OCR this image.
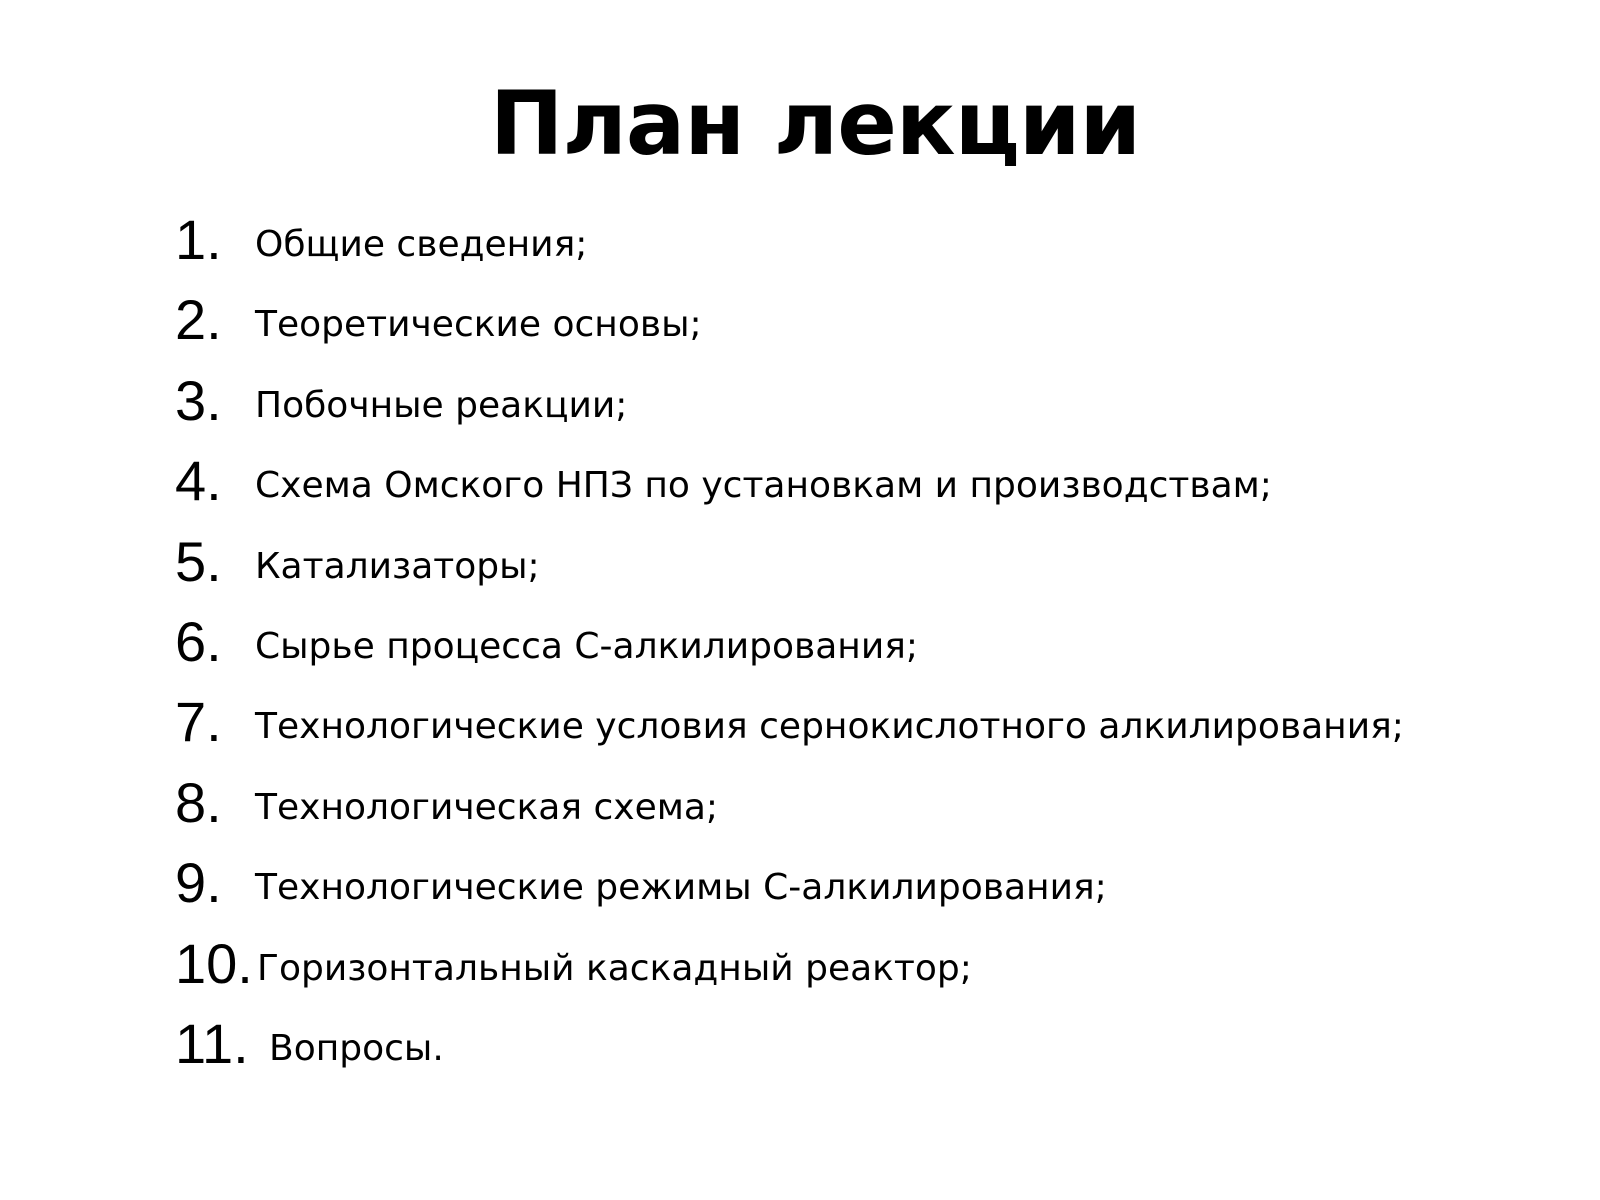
План лекции
1. Общие сведения;
2. Теоретические основы;
3. Побочные реакции;
4. Схема Омского НПЗ по установкам и производствам;
5. Катализаторы;
6. Сырье процесса С-алкилирования;
7. Технологические условия сернокислотного алкилирования;
8. Технологическая схема;
9. Технологические режимы С-алкилирования;
10. Горизонтальный каскадный реактор;
11. Вопросы.
